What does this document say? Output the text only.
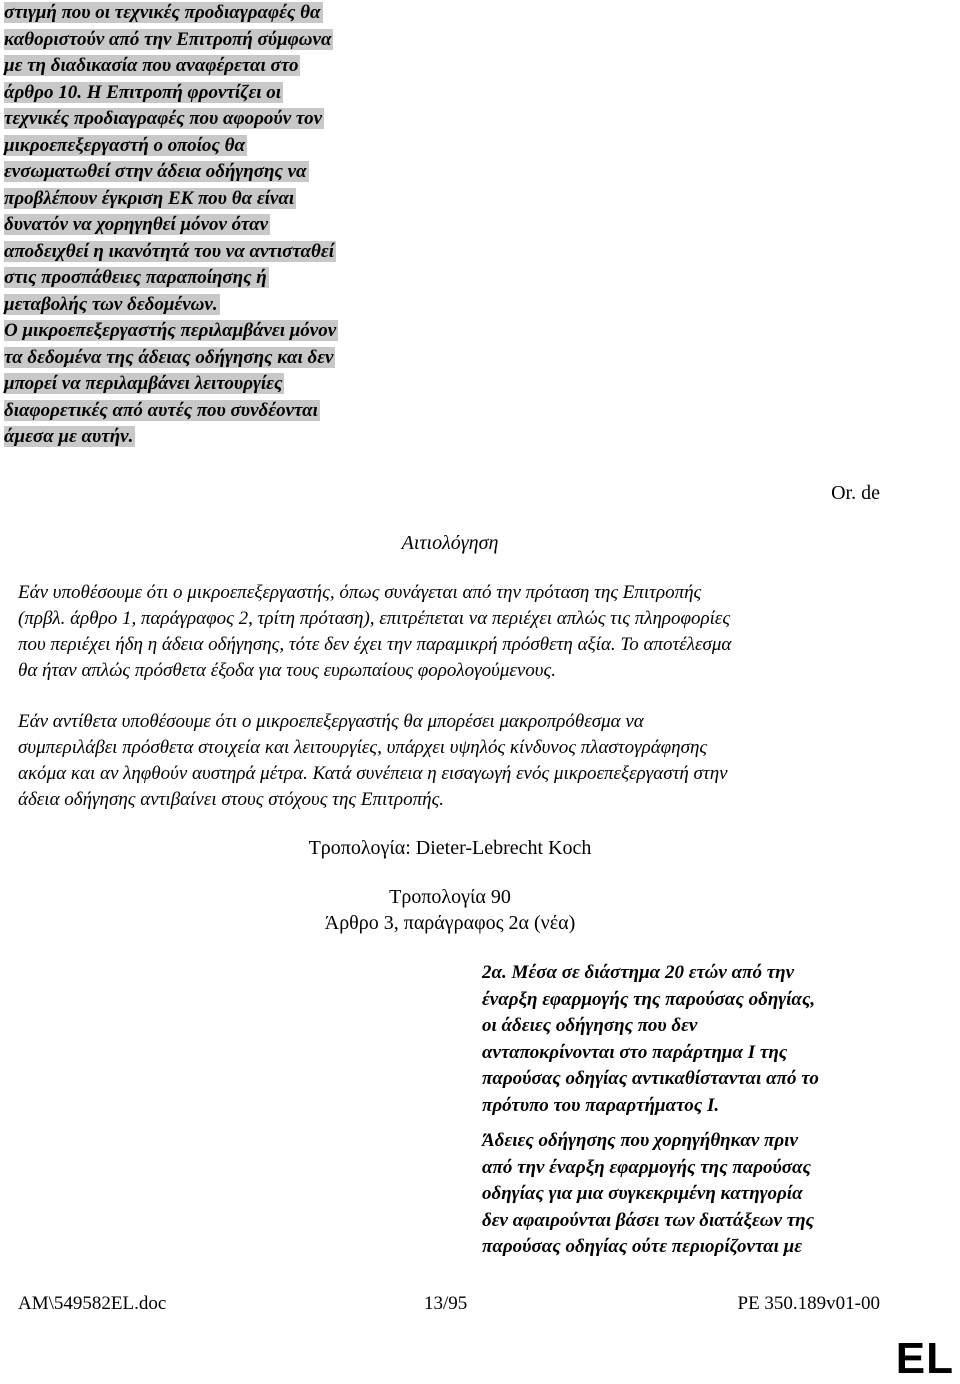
στιγμή που οι τεχνικές προδιαγραφές θα
καθοριστούν από την Επιτροπή σύμφωνα
με τη διαδικασία που αναφέρεται στο
άρθρο 10. Η Επιτροπή φροντίζει οι
τεχνικές προδιαγραφές που αφορούν τον
μικροεπεξεργαστή ο οποίος θα
ενσωματωθεί στην άδεια οδήγησης να
προβλέπουν έγκριση ΕΚ που θα είναι
δυνατόν να χορηγηθεί μόνον όταν
αποδειχθεί η ικανότητά του να αντισταθεί
στις προσπάθειες παραποίησης ή
μεταβολής των δεδομένων.
Ο μικροεπεξεργαστής περιλαμβάνει μόνον
τα δεδομένα της άδειας οδήγησης και δεν
μπορεί να περιλαμβάνει λειτουργίες
διαφορετικές από αυτές που συνδέονται
άμεσα με αυτήν.
Or. de
Αιτιολόγηση
Εάν υποθέσουμε ότι ο μικροεπεξεργαστής, όπως συνάγεται από την πρόταση της Επιτροπής
(πρβλ. άρθρο 1, παράγραφος 2, τρίτη πρόταση), επιτρέπεται να περιέχει απλώς τις πληροφορίες
που περιέχει ήδη η άδεια οδήγησης, τότε δεν έχει την παραμικρή πρόσθετη αξία. Το αποτέλεσμα
θα ήταν απλώς πρόσθετα έξοδα για τους ευρωπαίους φορολογούμενους.
Εάν αντίθετα υποθέσουμε ότι ο μικροεπεξεργαστής θα μπορέσει μακροπρόθεσμα να
συμπεριλάβει πρόσθετα στοιχεία και λειτουργίες, υπάρχει υψηλός κίνδυνος πλαστογράφησης
ακόμα και αν ληφθούν αυστηρά μέτρα. Κατά συνέπεια η εισαγωγή ενός μικροεπεξεργαστή στην
άδεια οδήγησης αντιβαίνει στους στόχους της Επιτροπής.
Τροπολογία: Dieter-Lebrecht Koch
Τροπολογία 90
Άρθρο 3, παράγραφος 2α (νέα)
2α. Μέσα σε διάστημα 20 ετών από την
έναρξη εφαρμογής της παρούσας οδηγίας,
οι άδειες οδήγησης που δεν
ανταποκρίνονται στο παράρτημα Ι της
παρούσας οδηγίας αντικαθίστανται από το
πρότυπο του παραρτήματος Ι.
Άδειες οδήγησης που χορηγήθηκαν πριν
από την έναρξη εφαρμογής της παρούσας
οδηγίας για μια συγκεκριμένη κατηγορία
δεν αφαιρούνται βάσει των διατάξεων της
παρούσας οδηγίας ούτε περιορίζονται με
AM\549582EL.doc	13/95	PE 350.189v01-00
EL
